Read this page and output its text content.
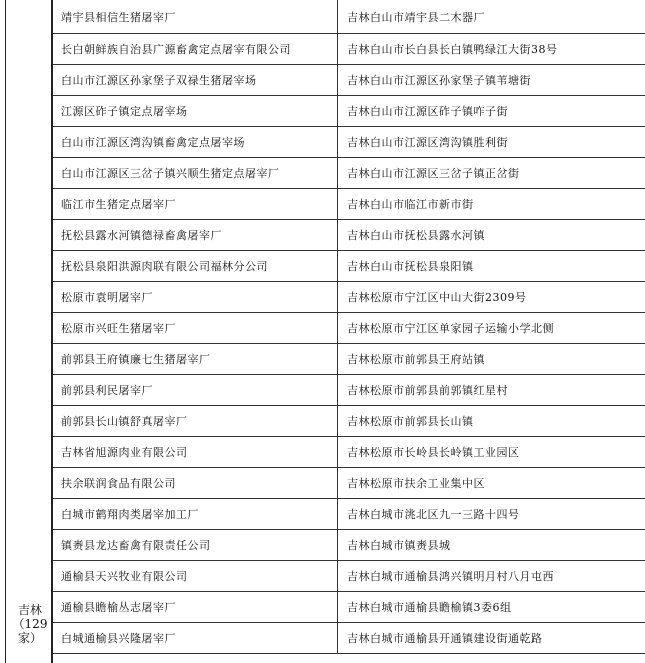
吉林
（129
家）
靖宇县相信生猪屠宰厂	吉林白山市靖宇县二木器厂
长白朝鲜族自治县广源畜禽定点屠宰有限公司	吉林白山市长白县长白镇鸭绿江大街38号
白山市江源区孙家堡子双禄生猪屠宰场	吉林白山市江源区孙家堡子镇苇塘街
江源区砟子镇定点屠宰场	吉林白山市江源区砟子镇咋子街
白山市江源区湾沟镇畜禽定点屠宰场	吉林白山市江源区湾沟镇胜利街
白山市江源区三岔子镇兴顺生猪定点屠宰厂	吉林白山市江源区三岔子镇正岔街
临江市生猪定点屠宰厂	吉林白山市临江市新市街
抚松县露水河镇德禄畜禽屠宰厂	吉林白山市抚松县露水河镇
抚松县泉阳洪源肉联有限公司福林分公司	吉林白山市抚松县泉阳镇
松原市袁明屠宰厂	吉林松原市宁江区中山大街2309号
松原市兴旺生猪屠宰厂	吉林松原市宁江区单家园子运输小学北侧
前郭县王府镇廉七生猪屠宰厂	吉林松原市前郭县王府站镇
前郭县利民屠宰厂	吉林松原市前郭县前郭镇红星村
前郭县长山镇舒真屠宰厂	吉林松原市前郭县长山镇
吉林省旭源肉业有限公司	吉林松原市长岭县长岭镇工业园区
扶余联润食品有限公司	吉林松原市扶余工业集中区
白城市鹤翔肉类屠宰加工厂	吉林白城市洮北区九一三路十四号
镇赉县龙达畜禽有限责任公司	吉林白城市镇赉县城
通榆县天兴牧业有限公司	吉林白城市通榆县鸿兴镇明月村八月屯西
通榆县瞻榆丛志屠宰厂	吉林白城市通榆县瞻榆镇3委6组
白城通榆县兴隆屠宰厂	吉林白城市通榆县开通镇建设街通乾路
